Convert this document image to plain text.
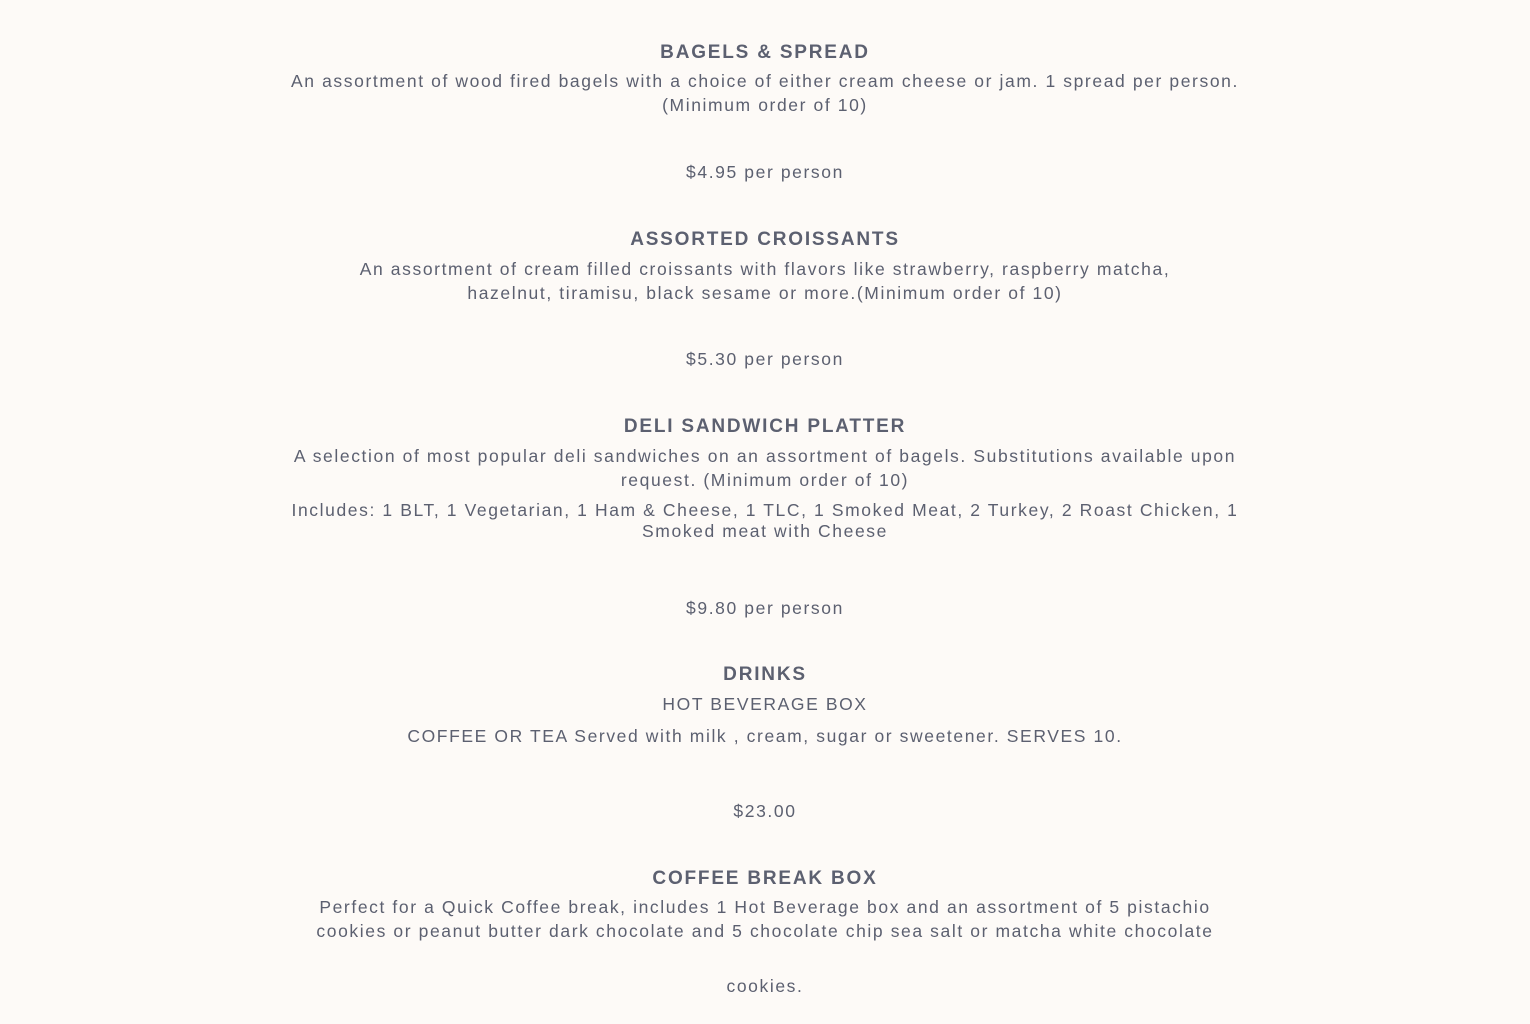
BAGELS & SPREAD

An assortment of wood fired bagels with a choice of either cream cheese or jam. 1 spread per person. (Minimum order of 10)

$4.95 per person

ASSORTED CROISSANTS

An assortment of cream filled croissants with flavors like strawberry, raspberry matcha, hazelnut, tiramisu, black sesame or more.(Minimum order of 10)

$5.30 per person

DELI SANDWICH PLATTER

A selection of most popular deli sandwiches on an assortment of bagels. Substitutions available upon request. (Minimum order of 10)

Includes: 1 BLT, 1 Vegetarian, 1 Ham & Cheese, 1 TLC, 1 Smoked Meat, 2 Turkey, 2 Roast Chicken, 1 Smoked meat with Cheese

$9.80 per person

DRINKS

HOT BEVERAGE BOX

COFFEE OR TEA Served with milk , cream, sugar or sweetener. SERVES 10.

$23.00

COFFEE BREAK BOX

Perfect for a Quick Coffee break, includes 1 Hot Beverage box and an assortment of 5 pistachio cookies or peanut butter dark chocolate and 5 chocolate chip sea salt or matcha white chocolate

cookies.
